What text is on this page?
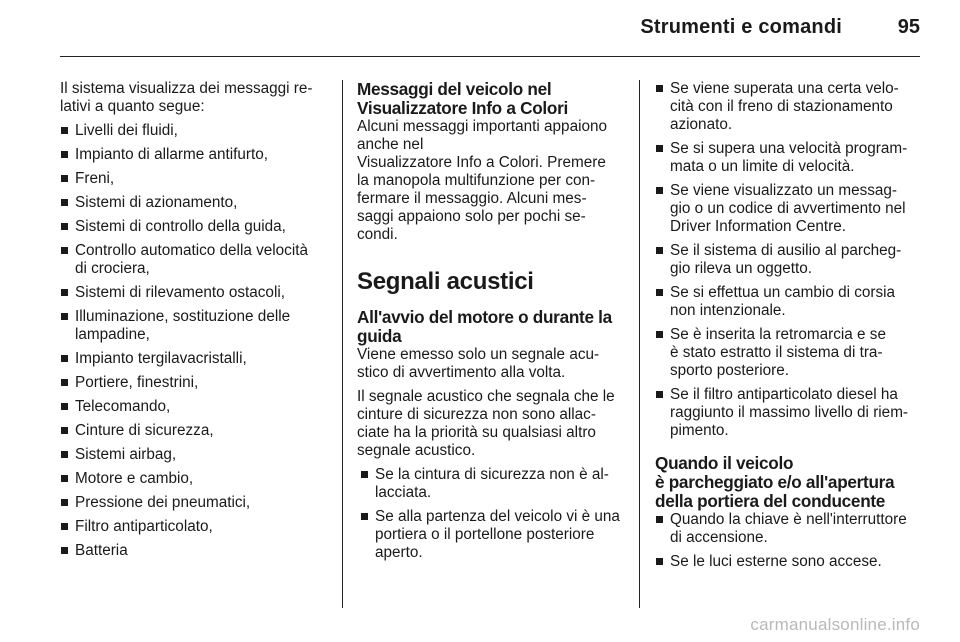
Strumenti e comandi	95

Il sistema visualizza dei messaggi re-
lativi a quanto segue:

Livelli dei fluidi,
Impianto di allarme antifurto,
Freni,
Sistemi di azionamento,
Sistemi di controllo della guida,
Controllo automatico della velocità
di crociera,
Sistemi di rilevamento ostacoli,
Illuminazione, sostituzione delle
lampadine,
Impianto tergilavacristalli,
Portiere, finestrini,
Telecomando,
Cinture di sicurezza,
Sistemi airbag,
Motore e cambio,
Pressione dei pneumatici,
Filtro antiparticolato,
Batteria
Messaggi del veicolo nel
Visualizzatore Info a Colori

Alcuni messaggi importanti appaiono
anche nel
Visualizzatore Info a Colori. Premere
la manopola multifunzione per con-
fermare il messaggio. Alcuni mes-
saggi appaiono solo per pochi se-
condi.

Segnali acustici
All'avvio del motore o durante la
guida

Viene emesso solo un segnale acu-
stico di avvertimento alla volta.

Il segnale acustico che segnala che le
cinture di sicurezza non sono allac-
ciate ha la priorità su qualsiasi altro
segnale acustico.

Se la cintura di sicurezza non è al-
lacciata.
Se alla partenza del veicolo vi è una
portiera o il portellone posteriore
aperto.
Se viene superata una certa velo-
cità con il freno di stazionamento
azionato.
Se si supera una velocità program-
mata o un limite di velocità.
Se viene visualizzato un messag-
gio o un codice di avvertimento nel
Driver Information Centre.
Se il sistema di ausilio al parcheg-
gio rileva un oggetto.
Se si effettua un cambio di corsia
non intenzionale.
Se è inserita la retromarcia e se
è stato estratto il sistema di tra-
sporto posteriore.
Se il filtro antiparticolato diesel ha
raggiunto il massimo livello di riem-
pimento.
Quando il veicolo
è parcheggiato e/o all'apertura
della portiera del conducente
Quando la chiave è nell'interruttore
di accensione.
Se le luci esterne sono accese.
carmanualsonline.info
